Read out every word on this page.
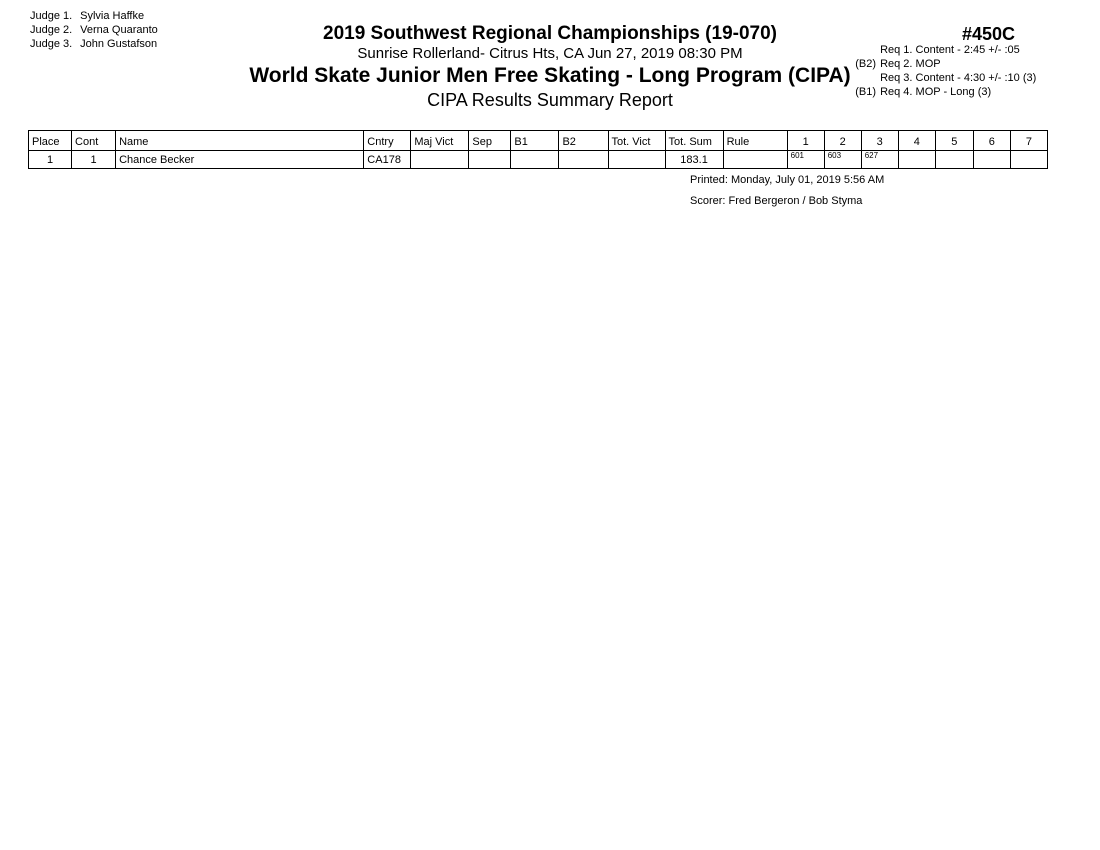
Judge 1. Sylvia Haffke
Judge 2. Verna Quaranto
Judge 3. John Gustafson	2019 Southwest Regional Championships (19-070)	#450C
Sunrise Rollerland- Citrus Hts, CA Jun 27, 2019 08:30 PM
World Skate Junior Men Free Skating - Long Program (CIPA)
CIPA Results Summary Report
Req 1. Content - 2:45 +/- :05
(B2) Req 2. MOP
Req 3. Content - 4:30 +/- :10 (3)
(B1) Req 4. MOP - Long (3)
Place	Cont	Name	Cntry	Maj Vict	Sep	B1	B2	Tot. Vict	Tot. Sum	Rule	1	2	3	4	5	6	7
1	1	Chance Becker	CA178						183.1		601	603	627				
Printed: Monday, July 01, 2019 5:56 AM
Scorer: Fred Bergeron / Bob Styma
